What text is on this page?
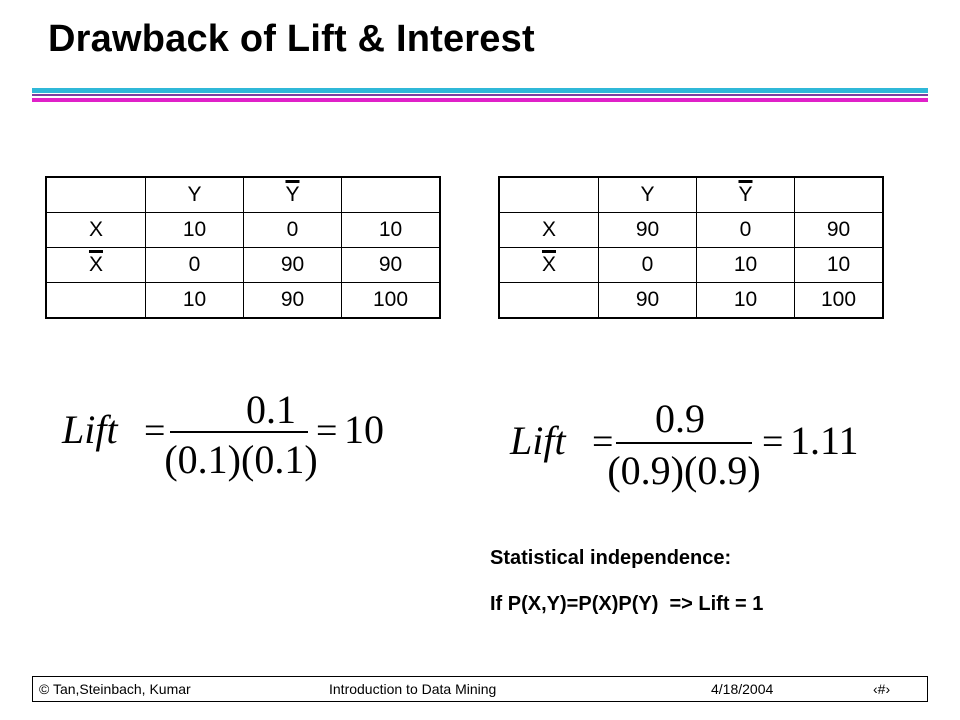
Drawback of Lift & Interest
	Y	$\overline{Y}$	
X	10	0	10
$\overline{X}$	0	90	90
	10	90	100
	Y	$\overline{Y}$	
X	90	0	90
$\overline{X}$	0	10	10
	90	10	100
Lift = 0.1
(0.1)(0.1)
= 10	Lift =
0.9
(0.9)(0.9)
= 1.11
Statistical independence:
If P(X,Y)=P(X)P(Y)  => Lift = 1
© Tan,Steinbach, Kumar	Introduction to Data Mining	4/18/2004	‹#›
